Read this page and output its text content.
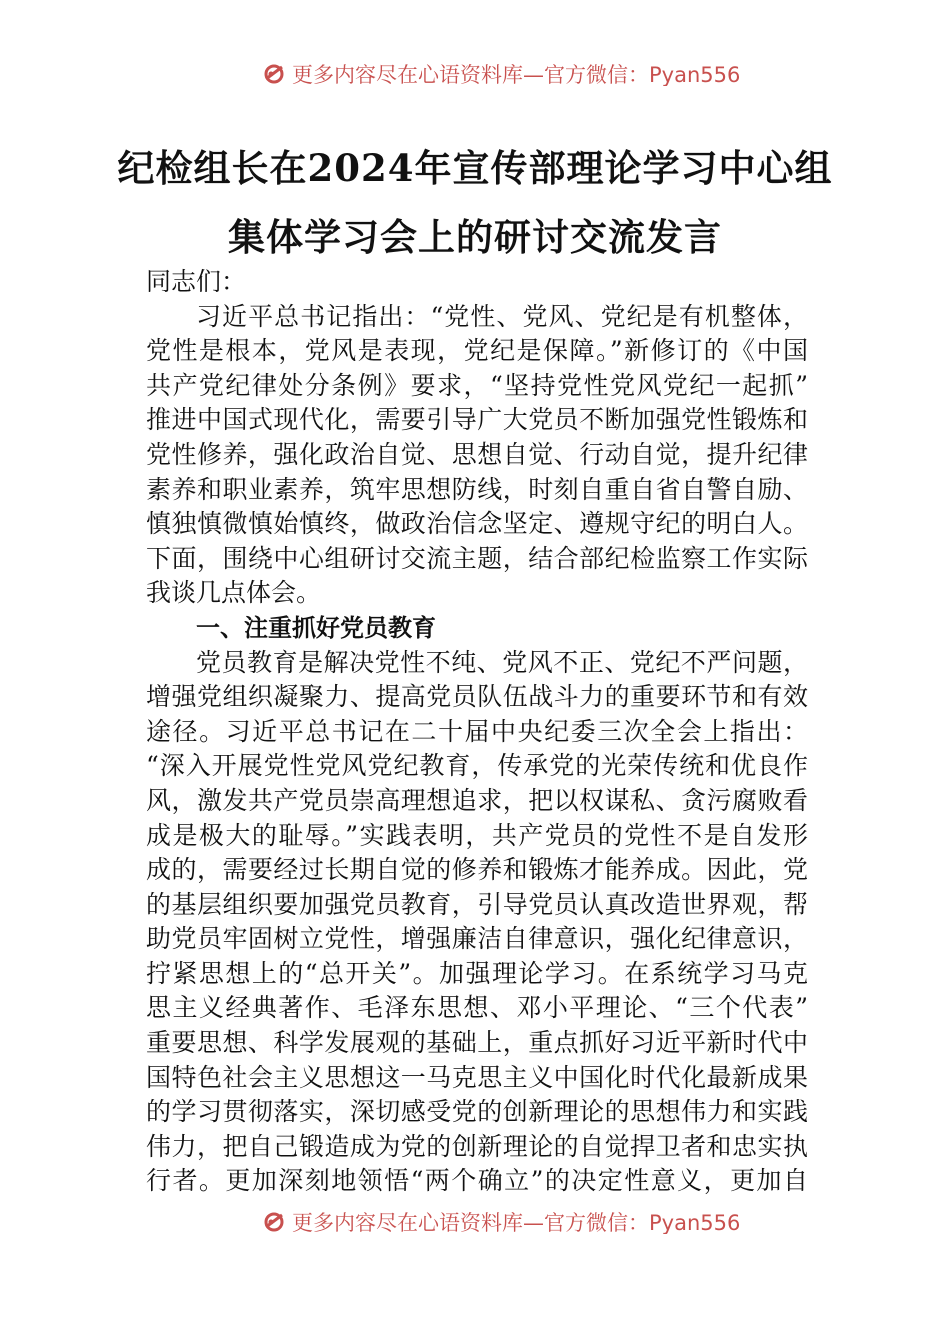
更多内容尽在心语资料库—官方微信：Pyan556
纪检组长在2024年宣传部理论学习中心组
集体学习会上的研讨交流发言
同志们：
习近平总书记指出：“党性、党风、党纪是有机整体，
党性是根本，党风是表现，党纪是保障。”新修订的《中国
共产党纪律处分条例》要求，“坚持党性党风党纪一起抓”
推进中国式现代化，需要引导广大党员不断加强党性锻炼和
党性修养，强化政治自觉、思想自觉、行动自觉，提升纪律
素养和职业素养，筑牢思想防线，时刻自重自省自警自励、
慎独慎微慎始慎终，做政治信念坚定、遵规守纪的明白人。
下面，围绕中心组研讨交流主题，结合部纪检监察工作实际
我谈几点体会。
一、注重抓好党员教育
党员教育是解决党性不纯、党风不正、党纪不严问题，
增强党组织凝聚力、提高党员队伍战斗力的重要环节和有效
途径。习近平总书记在二十届中央纪委三次全会上指出：
“深入开展党性党风党纪教育，传承党的光荣传统和优良作
风，激发共产党员崇高理想追求，把以权谋私、贪污腐败看
成是极大的耻辱。”实践表明，共产党员的党性不是自发形
成的，需要经过长期自觉的修养和锻炼才能养成。因此，党
的基层组织要加强党员教育，引导党员认真改造世界观，帮
助党员牢固树立党性，增强廉洁自律意识，强化纪律意识，
拧紧思想上的“总开关”。加强理论学习。在系统学习马克
思主义经典著作、毛泽东思想、邓小平理论、“三个代表”
重要思想、科学发展观的基础上，重点抓好习近平新时代中
国特色社会主义思想这一马克思主义中国化时代化最新成果
的学习贯彻落实，深切感受党的创新理论的思想伟力和实践
伟力，把自己锻造成为党的创新理论的自觉捍卫者和忠实执
行者。更加深刻地领悟“两个确立”的决定性意义，更加自
更多内容尽在心语资料库—官方微信：Pyan556
